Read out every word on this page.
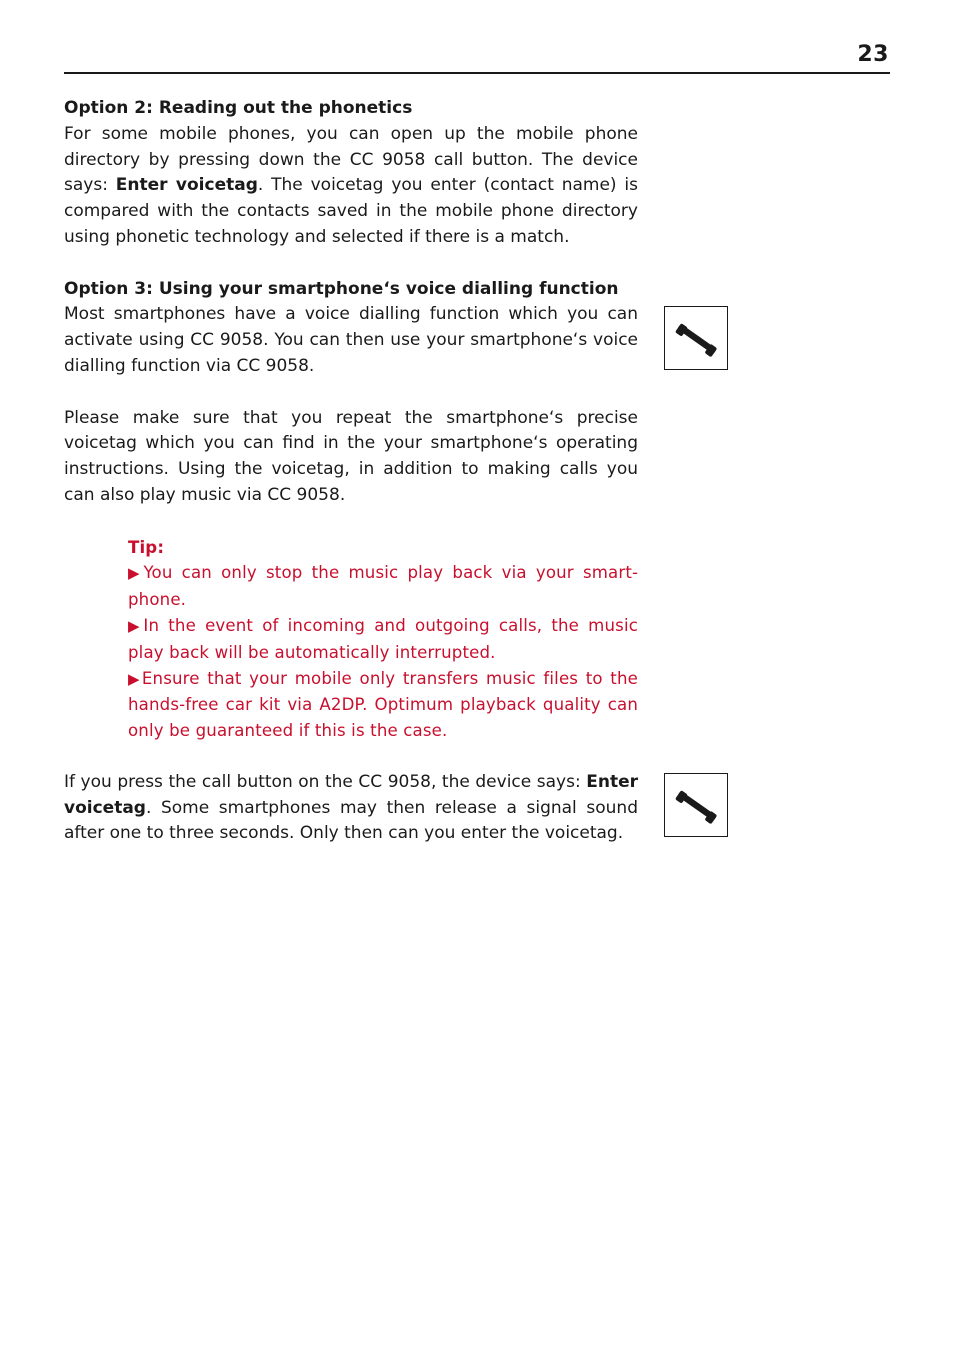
23
Option 2: Reading out the phonetics

For some mobile phones, you can open up the mobile phone directory by pressing down the CC 9058 call button. The device says: Enter voicetag. The voicetag you enter (contact name) is compared with the contacts saved in the mobile phone directory using phonetic technology and selected if there is a match.

Option 3: Using your smartphone‘s voice dialling function

Most smartphones have a voice dialling function which you can activate using CC 9058. You can then use your smartphone‘s voice dialling function via CC 9058.

Please make sure that you repeat the smartphone‘s precise voicetag which you can find in the your smartphone‘s operating instructions. Using the voicetag, in addition to making calls you can also play music via CC 9058.

Tip:

▶You can only stop the music play back via your smartphone.

▶In the event of incoming and outgoing calls, the music play back will be automatically interrupted.

▶Ensure that your mobile only transfers music files to the hands-free car kit via A2DP. Optimum playback quality can only be guaranteed if this is the case.

If you press the call button on the CC 9058, the device says: Enter voicetag. Some smartphones may then release a signal sound after one to three seconds. Only then can you enter the voicetag.
